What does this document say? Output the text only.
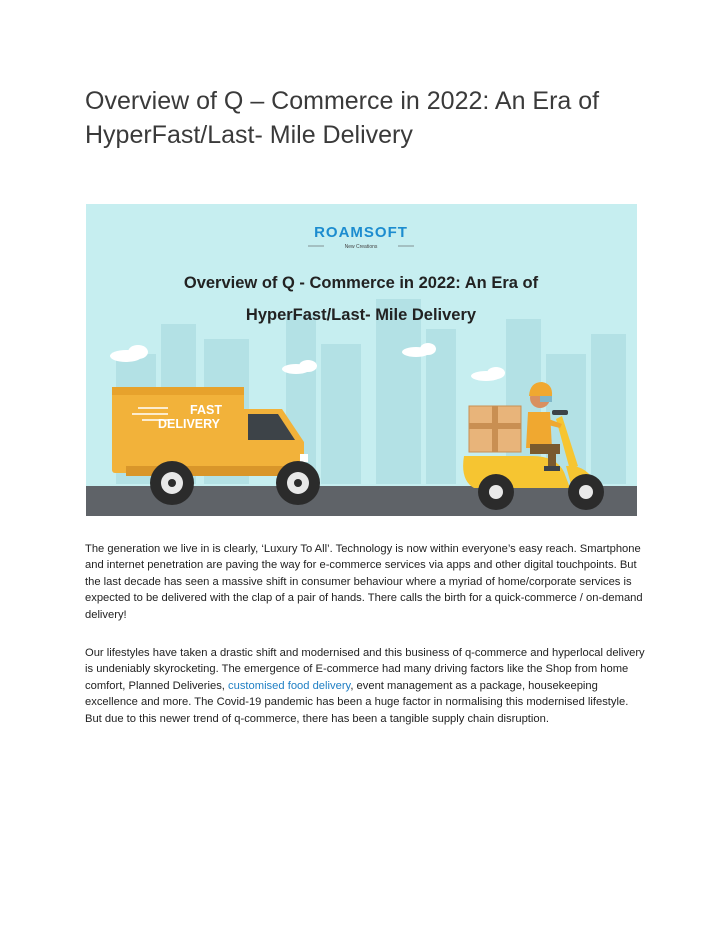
Overview of Q – Commerce in 2022: An Era of HyperFast/Last- Mile Delivery
ROAMSOFT
New Creations
Overview of Q - Commerce in 2022: An Era of
HyperFast/Last- Mile Delivery
FAST
DELIVERY

The generation we live in is clearly, ‘Luxury To All’. Technology is now within everyone’s easy reach. Smartphone and internet penetration are paving the way for e-commerce services via apps and other digital touchpoints. But the last decade has seen a massive shift in consumer behaviour where a myriad of home/corporate services is expected to be delivered with the clap of a pair of hands. There calls the birth for a quick-commerce / on-demand delivery!

Our lifestyles have taken a drastic shift and modernised and this business of q-commerce and hyperlocal delivery is undeniably skyrocketing. The emergence of E-commerce had many driving factors like the Shop from home comfort, Planned Deliveries, customised food delivery, event management as a package, housekeeping excellence and more. The Covid-19 pandemic has been a huge factor in normalising this modernised lifestyle. But due to this newer trend of q-commerce, there has been a tangible supply chain disruption.
